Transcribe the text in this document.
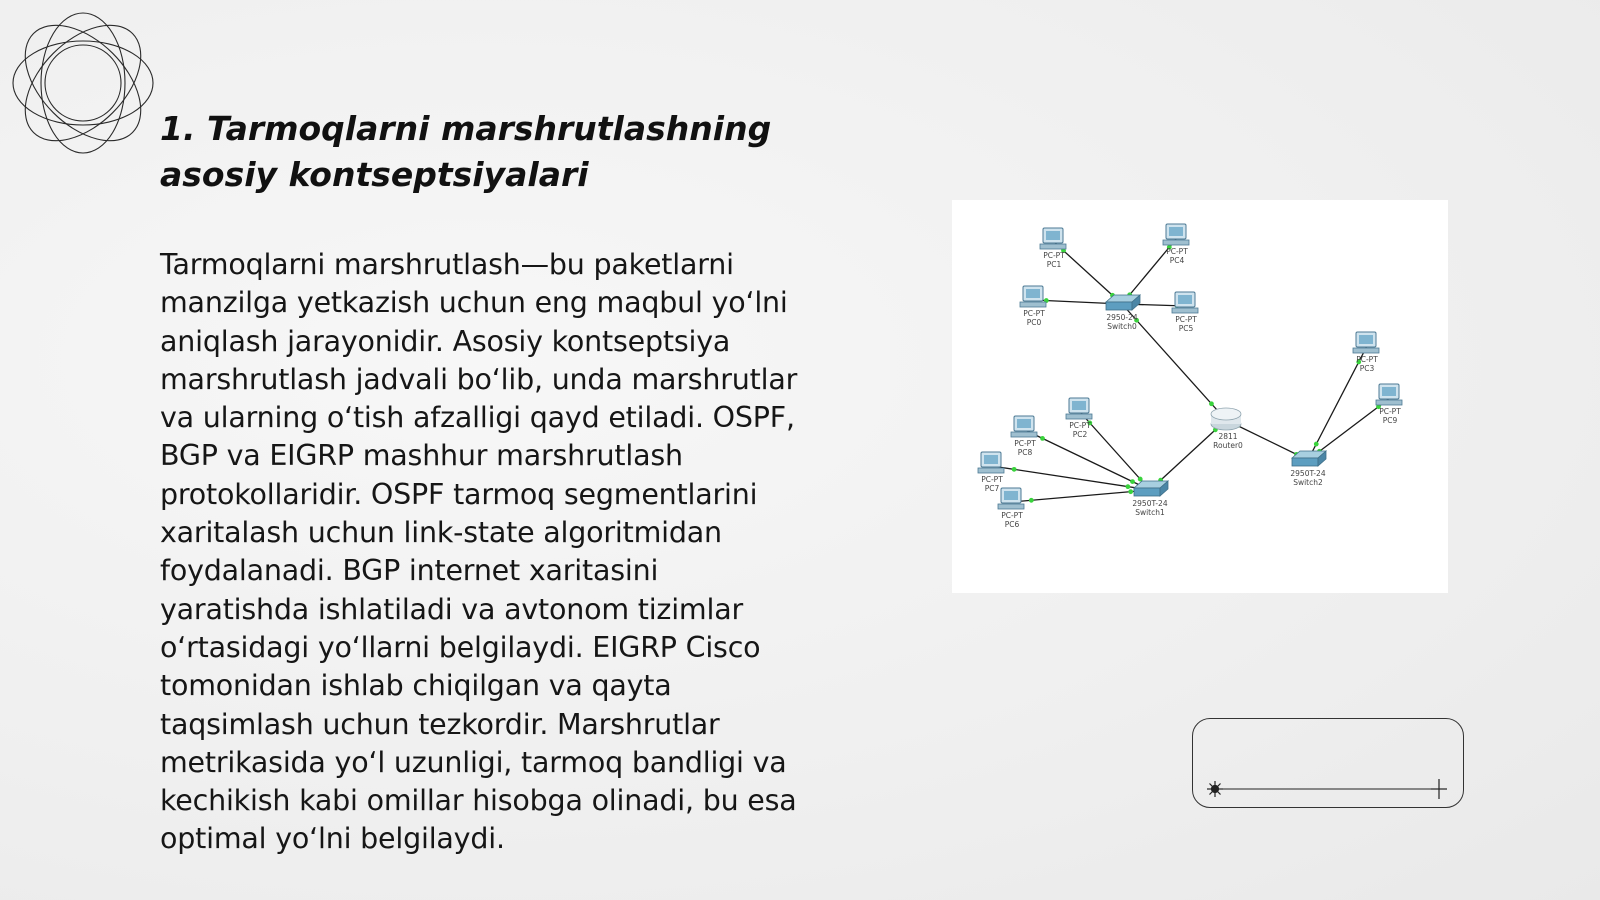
1. Tarmoqlarni marshrutlashning
asosiy kontseptsiyalari

Tarmoqlarni marshrutlash—bu paketlarni
manzilga yetkazish uchun eng maqbul yoʻlni
aniqlash jarayonidir. Asosiy kontseptsiya
marshrutlash jadvali boʻlib, unda marshrutlar
va ularning oʻtish afzalligi qayd etiladi. OSPF,
BGP va EIGRP mashhur marshrutlash
protokollaridir. OSPF tarmoq segmentlarini
xaritalash uchun link-state algoritmidan
foydalanadi. BGP internet xaritasini
yaratishda ishlatiladi va avtonom tizimlar
oʻrtasidagi yoʻllarni belgilaydi. EIGRP Cisco
tomonidan ishlab chiqilgan va qayta
taqsimlash uchun tezkordir. Marshrutlar
metrikasida yoʻl uzunligi, tarmoq bandligi va
kechikish kabi omillar hisobga olinadi, bu esa
optimal yoʻlni belgilaydi.

PC-PT
PC1
PC-PT
PC4
PC-PT
PC0	PC-PT
PC5
PC-PT
PC3
PC-PT
PC9
PC-PT
PC2
PC-PT
PC8
PC-PT
PC7
PC-PT
PC6
2950-24
Switch0
2950T-24
Switch1
2950T-24
Switch2
2811
Router0
